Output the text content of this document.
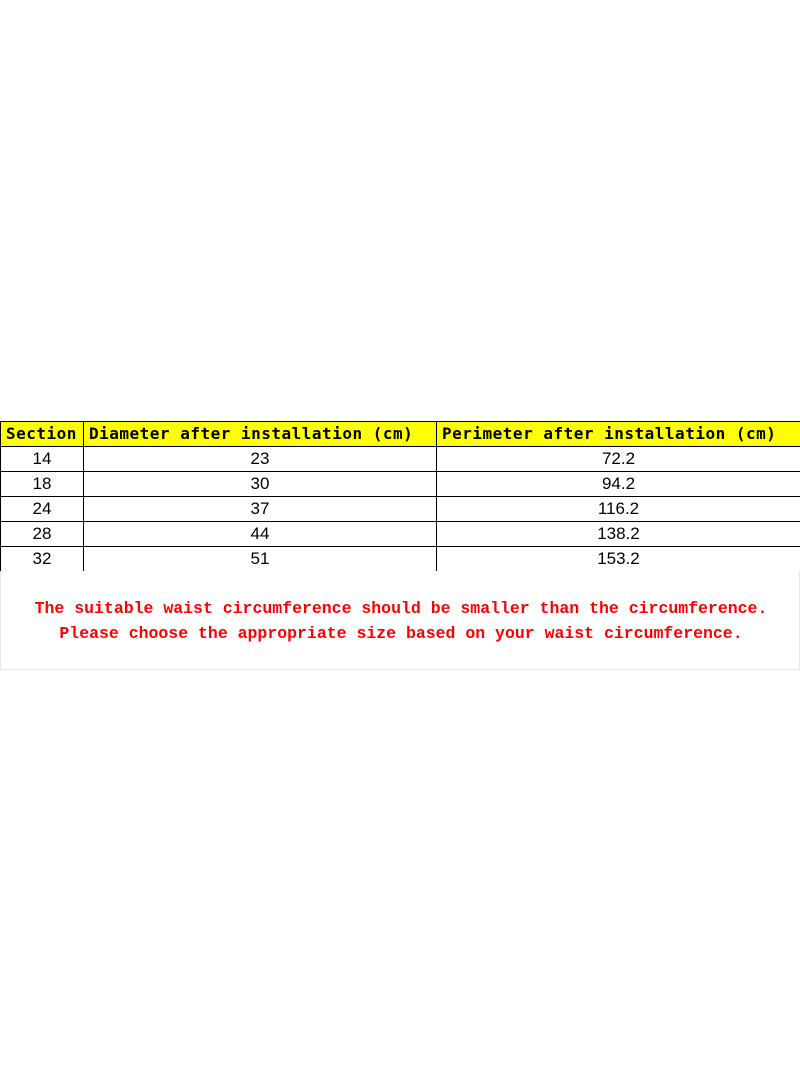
Section	Diameter after installation (cm)	Perimeter after installation (cm)
14	23	72.2
18	30	94.2
24	37	116.2
28	44	138.2
32	51	153.2
The suitable waist circumference should be smaller than the circumference.
Please choose the appropriate size based on your waist circumference.
